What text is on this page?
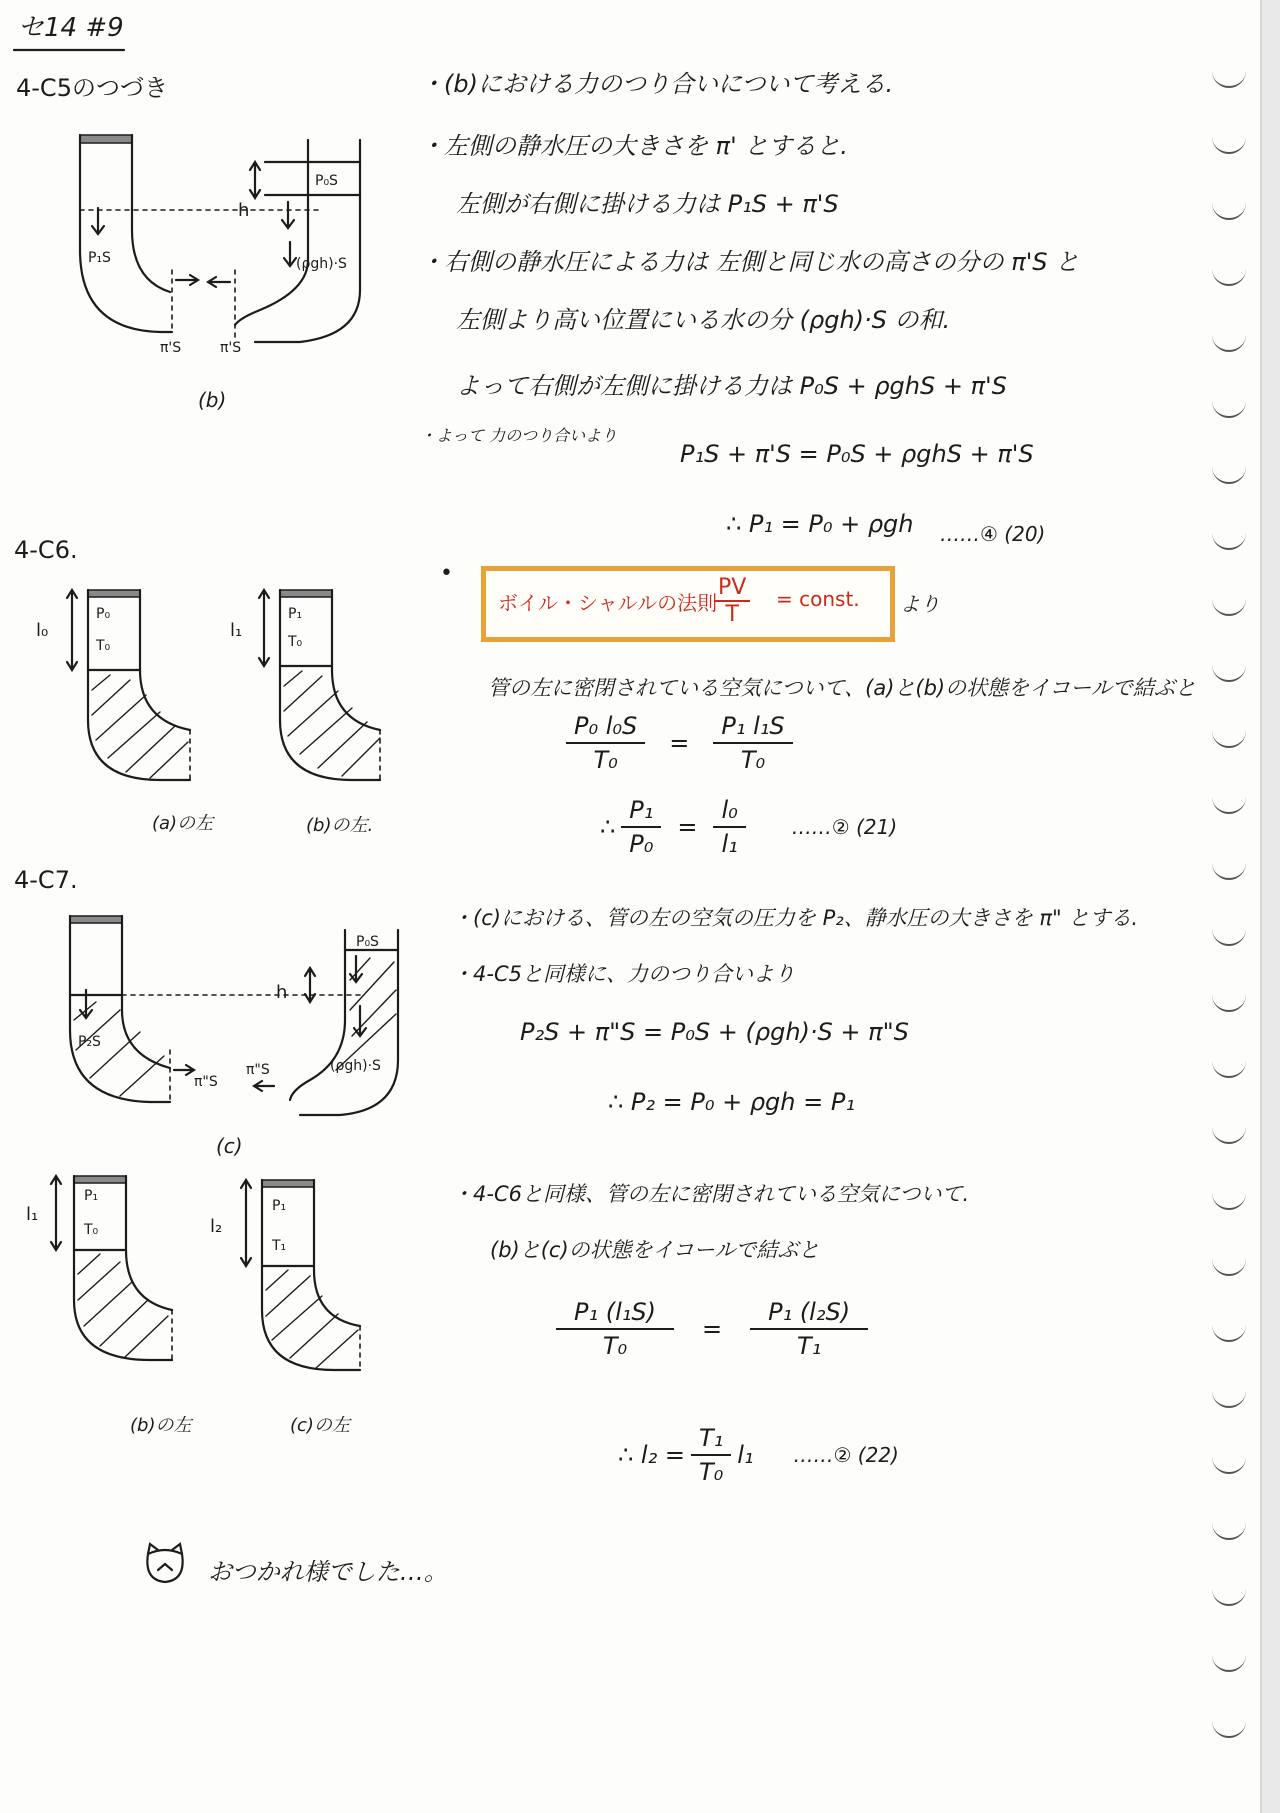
セ14 #9
4-C5のつづき
h
P₀S
P₁S	(ρgh)·S
π'S	π'S
(b)
・(b)における力のつり合いについて考える.
・左側の静水圧の大きさを π' とすると.
左側が右側に掛ける力は P₁S + π'S
・右側の静水圧による力は 左側と同じ水の高さの分の π'S と
左側より高い位置にいる水の分 (ρgh)·S の和.
よって右側が左側に掛ける力は P₀S + ρghS + π'S
・よって 力のつり合いより
P₁S + π'S = P₀S + ρghS + π'S
∴ P₁ = P₀ + ρgh ……④ (20)
4-C6.
P₀
T₀
l₀
P₁
T₀
l₁
(a)の左	(b)の左.
•
ボイル・シャルルの法則
$\frac{PV}{T}$ = const. より
管の左に密閉されている空気について、(a)と(b)の状態をイコールで結ぶと
$\frac{\text{P₀ l₀S}}{\text{T₀}} = \frac{\text{P₁ l₁S}}{\text{T₀}}$
∴ $\frac{\text{P₁}}{\text{P₀}} = \frac{\text{l₀}}{\text{l₁}}$ ……② (21)
4-C7.
h
P₀S
P₂S
(ρgh)·S
π"S
π"S
(c)
P₁
T₀
l₁	P₁
T₁
l₂
(b)の左	(c)の左
・(c)における、管の左の空気の圧力を P₂、静水圧の大きさを π" とする.
・4-C5と同様に、力のつり合いより
P₂S + π"S = P₀S + (ρgh)·S + π"S
∴ P₂ = P₀ + ρgh = P₁
・4-C6と同様、管の左に密閉されている空気について.
(b)と(c)の状態をイコールで結ぶと
$\frac{\text{P₁ (l₁S)}}{\text{T₀}} = \frac{\text{P₁ (l₂S)}}{\text{T₁}}$
∴ $l_2 = \frac{\text{T₁}}{\text{T₀}} l_1$ ……② (22)
おつかれ様でした…。
